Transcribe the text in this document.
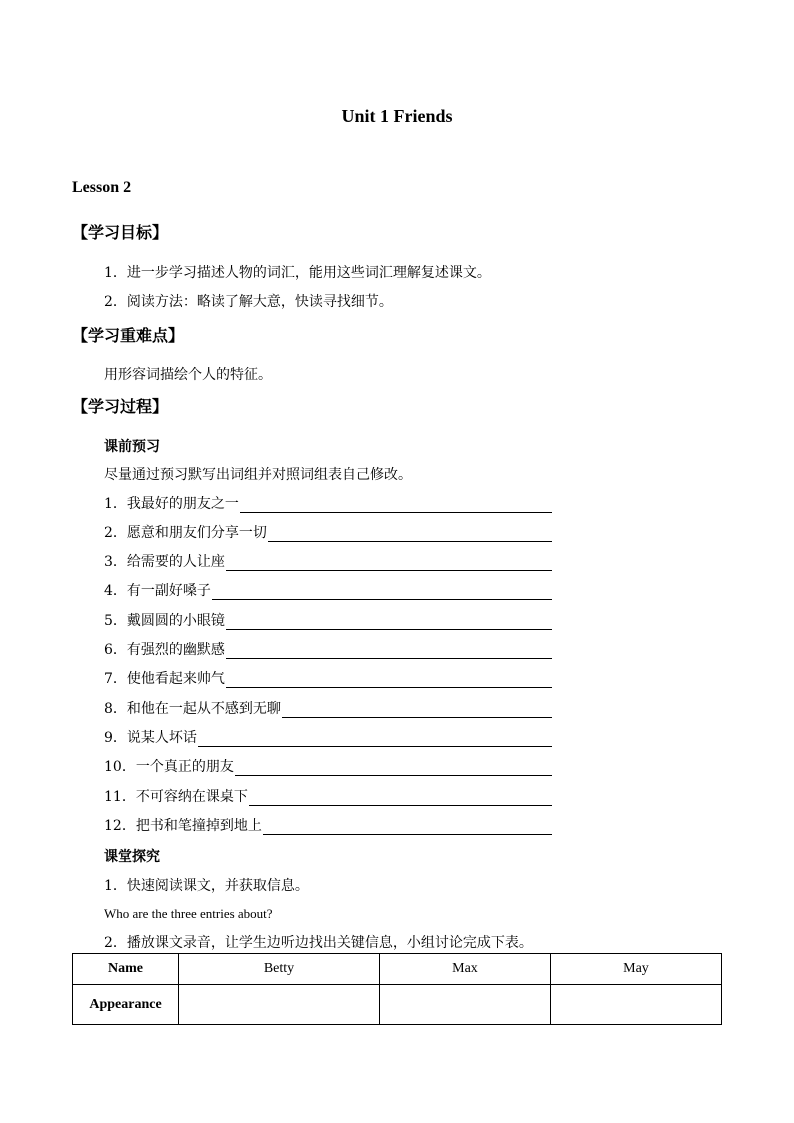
Unit 1 Friends
Lesson 2
【学习目标】
1．进一步学习描述人物的词汇，能用这些词汇理解复述课文。
2．阅读方法：略读了解大意，快读寻找细节。
【学习重难点】
用形容词描绘个人的特征。
【学习过程】
课前预习
尽量通过预习默写出词组并对照词组表自己修改。
1．我最好的朋友之一
2．愿意和朋友们分享一切
3．给需要的人让座
4．有一副好嗓子
5．戴圆圆的小眼镜
6．有强烈的幽默感
7．使他看起来帅气
8．和他在一起从不感到无聊
9．说某人坏话
10．一个真正的朋友
11．不可容纳在课桌下
12．把书和笔撞掉到地上
课堂探究
1．快速阅读课文，并获取信息。
Who are the three entries about?
2．播放课文录音，让学生边听边找出关键信息，小组讨论完成下表。
Name	Betty	Max	May
Appearance			
